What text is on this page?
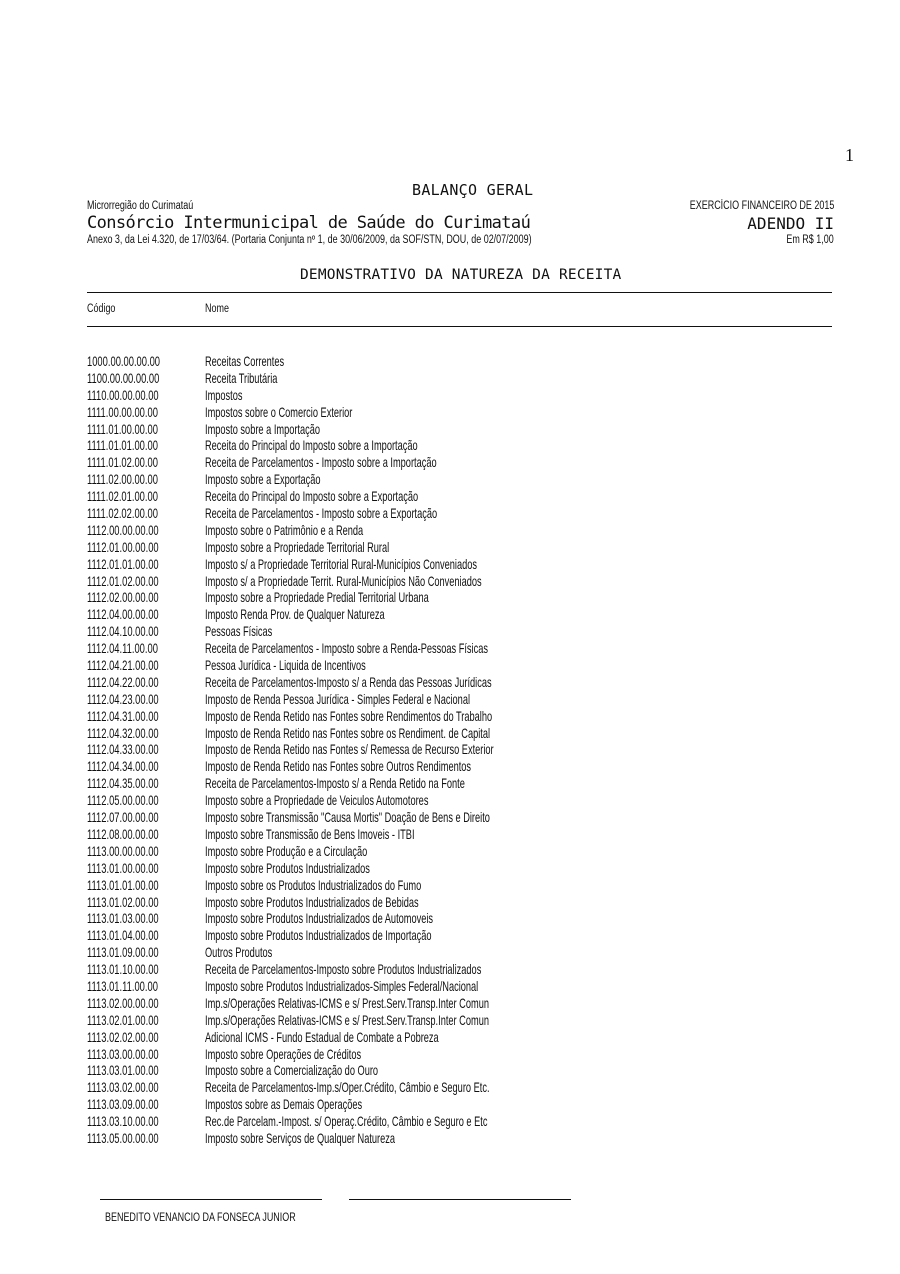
1
BALANÇO GERAL
Microrregião do Curimataú	EXERCÍCIO FINANCEIRO DE 2015
Consórcio Intermunicipal de Saúde do Curimataú	ADENDO II
Anexo 3, da Lei 4.320, de 17/03/64. (Portaria Conjunta nº 1, de 30/06/2009, da SOF/STN, DOU, de 02/07/2009)	Em R$ 1,00
DEMONSTRATIVO DA NATUREZA DA RECEITA
Código	Nome
1000.00.00.00.00	Receitas Correntes
1100.00.00.00.00	Receita Tributária
1110.00.00.00.00	Impostos
1111.00.00.00.00	Impostos sobre o Comercio Exterior
1111.01.00.00.00	Imposto sobre a Importação
1111.01.01.00.00	Receita do Principal do Imposto sobre a Importação
1111.01.02.00.00	Receita de Parcelamentos - Imposto sobre a Importação
1111.02.00.00.00	Imposto sobre a Exportação
1111.02.01.00.00	Receita do Principal do Imposto sobre a Exportação
1111.02.02.00.00	Receita de Parcelamentos - Imposto sobre a Exportação
1112.00.00.00.00	Imposto sobre o Patrimônio e a Renda
1112.01.00.00.00	Imposto sobre a Propriedade Territorial Rural
1112.01.01.00.00	Imposto s/ a Propriedade Territorial Rural-Municípios Conveniados
1112.01.02.00.00	Imposto s/ a Propriedade Territ. Rural-Municípios Não Conveniados
1112.02.00.00.00	Imposto sobre a Propriedade Predial Territorial Urbana
1112.04.00.00.00	Imposto Renda Prov. de Qualquer Natureza
1112.04.10.00.00	Pessoas Físicas
1112.04.11.00.00	Receita de Parcelamentos - Imposto sobre a Renda-Pessoas Físicas
1112.04.21.00.00	Pessoa Jurídica - Liquida de Incentivos
1112.04.22.00.00	Receita de Parcelamentos-Imposto s/ a Renda das Pessoas Jurídicas
1112.04.23.00.00	Imposto de Renda Pessoa Jurídica - Simples Federal e Nacional
1112.04.31.00.00	Imposto de Renda Retido nas Fontes sobre Rendimentos do Trabalho
1112.04.32.00.00	Imposto de Renda Retido nas Fontes sobre os Rendiment. de Capital
1112.04.33.00.00	Imposto de Renda Retido nas Fontes s/ Remessa de Recurso Exterior
1112.04.34.00.00	Imposto de Renda Retido nas Fontes sobre Outros Rendimentos
1112.04.35.00.00	Receita de Parcelamentos-Imposto s/ a Renda Retido na Fonte
1112.05.00.00.00	Imposto sobre a Propriedade de Veiculos Automotores
1112.07.00.00.00	Imposto sobre Transmissão "Causa Mortis" Doação de Bens e Direito
1112.08.00.00.00	Imposto sobre Transmissão de Bens Imoveis - ITBI
1113.00.00.00.00	Imposto sobre Produção e a Circulação
1113.01.00.00.00	Imposto sobre Produtos Industrializados
1113.01.01.00.00	Imposto sobre os Produtos Industrializados do Fumo
1113.01.02.00.00	Imposto sobre Produtos Industrializados de Bebidas
1113.01.03.00.00	Imposto sobre Produtos Industrializados de Automoveis
1113.01.04.00.00	Imposto sobre Produtos Industrializados de Importação
1113.01.09.00.00	Outros Produtos
1113.01.10.00.00	Receita de Parcelamentos-Imposto sobre Produtos Industrializados
1113.01.11.00.00	Imposto sobre Produtos Industrializados-Simples Federal/Nacional
1113.02.00.00.00	Imp.s/Operações Relativas-ICMS e s/ Prest.Serv.Transp.Inter Comun
1113.02.01.00.00	Imp.s/Operações Relativas-ICMS e s/ Prest.Serv.Transp.Inter Comun
1113.02.02.00.00	Adicional ICMS - Fundo Estadual de Combate a Pobreza
1113.03.00.00.00	Imposto sobre Operações de Créditos
1113.03.01.00.00	Imposto sobre a Comercialização do Ouro
1113.03.02.00.00	Receita de Parcelamentos-Imp.s/Oper.Crédito, Câmbio e Seguro Etc.
1113.03.09.00.00	Impostos sobre as Demais Operações
1113.03.10.00.00	Rec.de Parcelam.-Impost. s/ Operaç.Crédito, Câmbio e Seguro e Etc
1113.05.00.00.00	Imposto sobre Serviços de Qualquer Natureza
BENEDITO VENANCIO DA FONSECA JUNIOR
